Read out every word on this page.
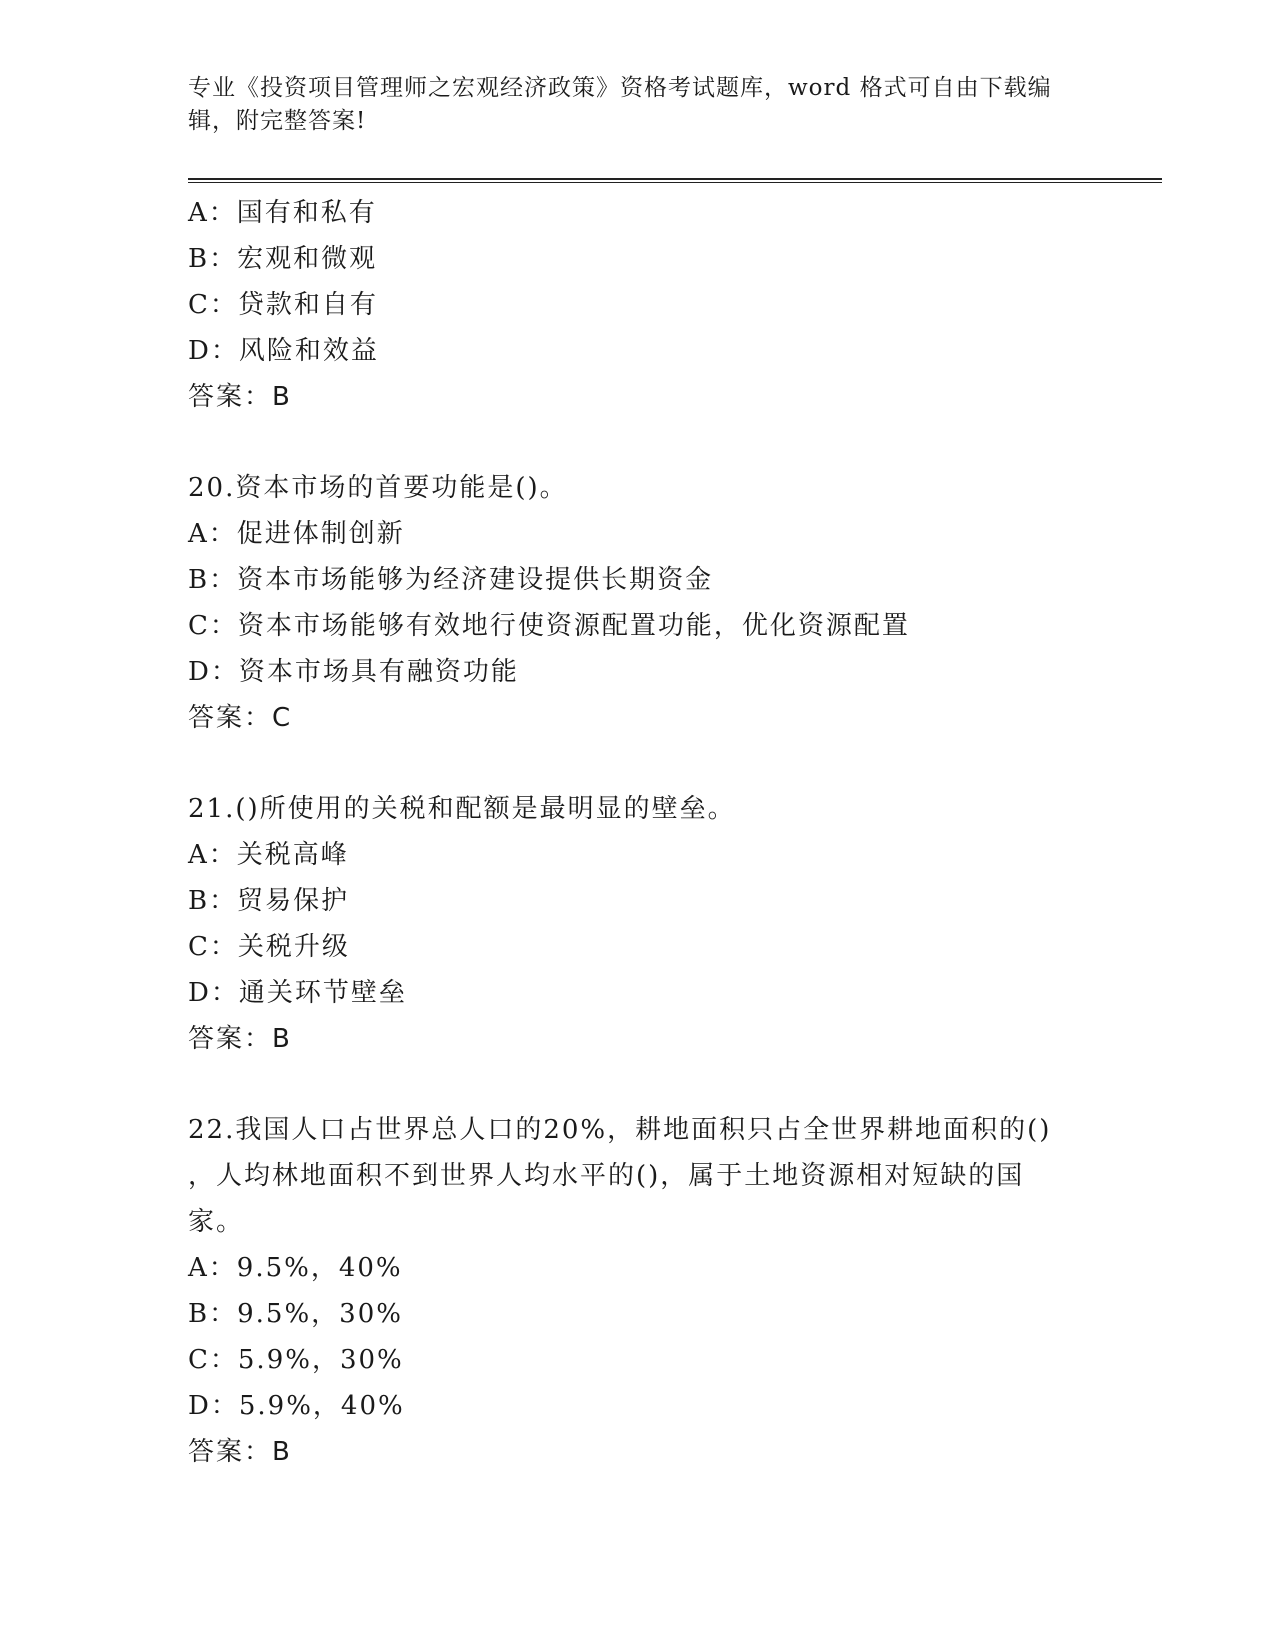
专业《投资项目管理师之宏观经济政策》资格考试题库，word 格式可自由下载编
辑，附完整答案!
A：国有和私有
B：宏观和微观
C：贷款和自有
D：风险和效益
答案：B
20.资本市场的首要功能是()。
A：促进体制创新
B：资本市场能够为经济建设提供长期资金
C：资本市场能够有效地行使资源配置功能，优化资源配置
D：资本市场具有融资功能
答案：C
21.()所使用的关税和配额是最明显的壁垒。
A：关税高峰
B：贸易保护
C：关税升级
D：通关环节壁垒
答案：B
22.我国人口占世界总人口的20%，耕地面积只占全世界耕地面积的()
，人均林地面积不到世界人均水平的()，属于土地资源相对短缺的国
家。
A：9.5%，40%
B：9.5%，30%
C：5.9%，30%
D：5.9%，40%
答案：B
